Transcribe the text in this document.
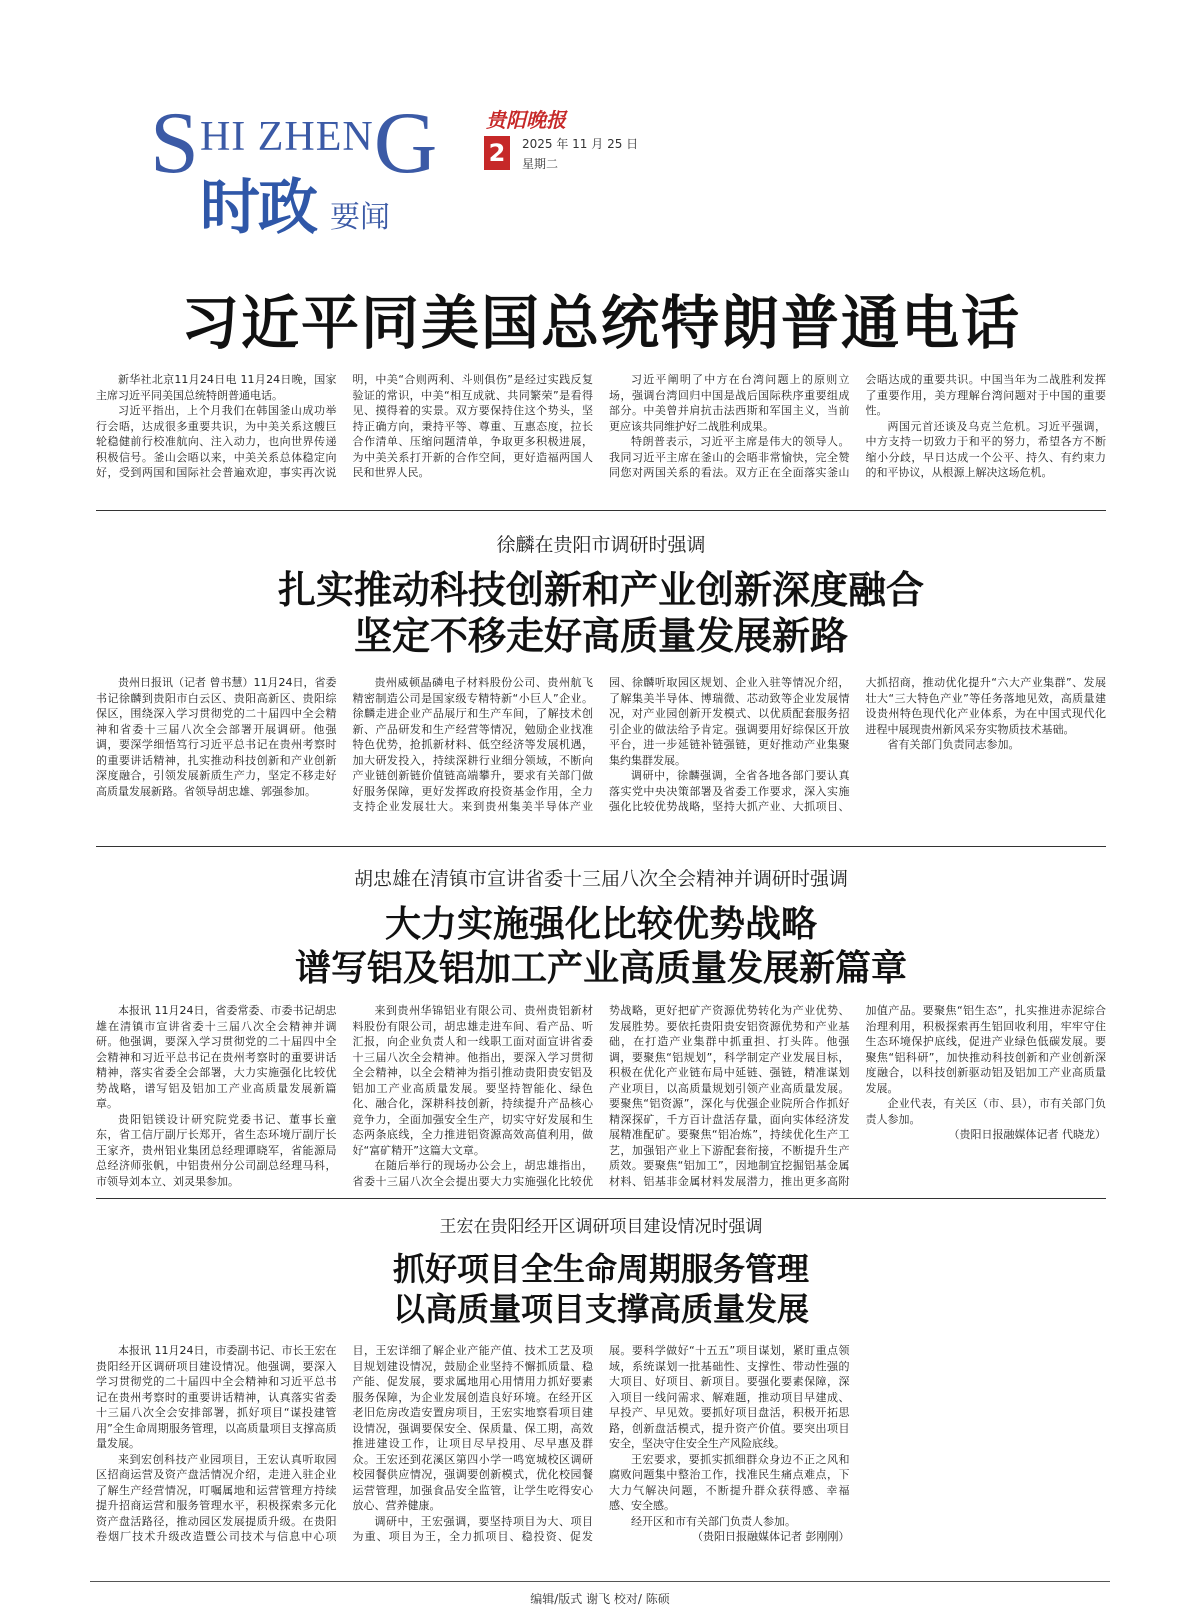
SHI ZHENG
时政 要闻
贵阳晚报
2	2025 年 11 月 25 日
星期二
习近平同美国总统特朗普通电话

新华社北京11月24日电 11月24日晚，国家主席习近平同美国总统特朗普通电话。

习近平指出，上个月我们在韩国釜山成功举行会晤，达成很多重要共识，为中美关系这艘巨轮稳健前行校准航向、注入动力，也向世界传递积极信号。釜山会晤以来，中美关系总体稳定向好，受到两国和国际社会普遍欢迎，事实再次说明，中美“合则两利、斗则俱伤”是经过实践反复验证的常识，中美“相互成就、共同繁荣”是看得见、摸得着的实景。双方要保持住这个势头，坚持正确方向，秉持平等、尊重、互惠态度，拉长合作清单、压缩问题清单，争取更多积极进展，为中美关系打开新的合作空间，更好造福两国人民和世界人民。

习近平阐明了中方在台湾问题上的原则立场，强调台湾回归中国是战后国际秩序重要组成部分。中美曾并肩抗击法西斯和军国主义，当前更应该共同维护好二战胜利成果。

特朗普表示，习近平主席是伟大的领导人。我同习近平主席在釜山的会晤非常愉快，完全赞同您对两国关系的看法。双方正在全面落实釜山会晤达成的重要共识。中国当年为二战胜利发挥了重要作用，美方理解台湾问题对于中国的重要性。

两国元首还谈及乌克兰危机。习近平强调，中方支持一切致力于和平的努力，希望各方不断缩小分歧，早日达成一个公平、持久、有约束力的和平协议，从根源上解决这场危机。

徐麟在贵阳市调研时强调

扎实推动科技创新和产业创新深度融合
坚定不移走好高质量发展新路

贵州日报讯（记者 曾书慧）11月24日，省委书记徐麟到贵阳市白云区、贵阳高新区、贵阳综保区，围绕深入学习贯彻党的二十届四中全会精神和省委十三届八次全会部署开展调研。他强调，要深学细悟笃行习近平总书记在贵州考察时的重要讲话精神，扎实推动科技创新和产业创新深度融合，引领发展新质生产力，坚定不移走好高质量发展新路。省领导胡忠雄、郭强参加。

贵州威顿晶磷电子材料股份公司、贵州航飞精密制造公司是国家级专精特新“小巨人”企业。徐麟走进企业产品展厅和生产车间，了解技术创新、产品研发和生产经营等情况，勉励企业找准特色优势，抢抓新材料、低空经济等发展机遇，加大研发投入，持续深耕行业细分领域，不断向产业链创新链价值链高端攀升，要求有关部门做好服务保障，更好发挥政府投资基金作用，全力支持企业发展壮大。来到贵州集美半导体产业园、徐麟听取园区规划、企业入驻等情况介绍，了解集美半导体、博瑞微、芯动致等企业发展情况，对产业园创新开发模式、以优质配套服务招引企业的做法给予肯定。强调要用好综保区开放平台，进一步延链补链强链，更好推动产业集聚集约集群发展。

调研中，徐麟强调，全省各地各部门要认真落实党中央决策部署及省委工作要求，深入实施强化比较优势战略，坚持大抓产业、大抓项目、大抓招商，推动优化提升“六大产业集群”、发展壮大“三大特色产业”等任务落地见效，高质量建设贵州特色现代化产业体系，为在中国式现代化进程中展现贵州新风采夯实物质技术基础。

省有关部门负责同志参加。

胡忠雄在清镇市宣讲省委十三届八次全会精神并调研时强调

大力实施强化比较优势战略
谱写铝及铝加工产业高质量发展新篇章

本报讯 11月24日，省委常委、市委书记胡忠雄在清镇市宣讲省委十三届八次全会精神并调研。他强调，要深入学习贯彻党的二十届四中全会精神和习近平总书记在贵州考察时的重要讲话精神，落实省委全会部署，大力实施强化比较优势战略，谱写铝及铝加工产业高质量发展新篇章。

贵阳铝镁设计研究院党委书记、董事长童东，省工信厅副厅长郑开，省生态环境厅副厅长王家齐，贵州铝业集团总经理谭晓军，省能源局总经济师张帆，中铝贵州分公司副总经理马科，市领导刘本立、刘灵果参加。

来到贵州华锦铝业有限公司、贵州贵铝新材料股份有限公司，胡忠雄走进车间、看产品、听汇报，向企业负责人和一线职工面对面宣讲省委十三届八次全会精神。他指出，要深入学习贯彻全会精神，以全会精神为指引推动贵阳贵安铝及铝加工产业高质量发展。要坚持智能化、绿色化、融合化，深耕科技创新，持续提升产品核心竞争力，全面加强安全生产，切实守好发展和生态两条底线，全力推进铝资源高效高值利用，做好“富矿精开”这篇大文章。

在随后举行的现场办公会上，胡忠雄指出，省委十三届八次全会提出要大力实施强化比较优势战略，更好把矿产资源优势转化为产业优势、发展胜势。要依托贵阳贵安铝资源优势和产业基础，在打造产业集群中抓重担、打头阵。他强调，要聚焦“铝规划”，科学制定产业发展目标，积极在优化产业链布局中延链、强链，精准谋划产业项目，以高质量规划引领产业高质量发展。要聚焦“铝资源”，深化与优强企业院所合作抓好精深探矿，千方百计盘活存量，面向实体经济发展精准配矿。要聚焦“铝冶炼”，持续优化生产工艺，加强铝产业上下游配套衔接，不断提升生产质效。要聚焦“铝加工”，因地制宜挖掘铝基金属材料、铝基非金属材料发展潜力，推出更多高附加值产品。要聚焦“铝生态”，扎实推进赤泥综合治理利用，积极探索再生铝回收利用，牢牢守住生态环境保护底线，促进产业绿色低碳发展。要聚焦“铝科研”，加快推动科技创新和产业创新深度融合，以科技创新驱动铝及铝加工产业高质量发展。

企业代表，有关区（市、县），市有关部门负责人参加。

（贵阳日报融媒体记者 代晓龙）

王宏在贵阳经开区调研项目建设情况时强调

抓好项目全生命周期服务管理
以高质量项目支撑高质量发展

本报讯 11月24日，市委副书记、市长王宏在贵阳经开区调研项目建设情况。他强调，要深入学习贯彻党的二十届四中全会精神和习近平总书记在贵州考察时的重要讲话精神，认真落实省委十三届八次全会安排部署，抓好项目“谋投建管用”全生命周期服务管理，以高质量项目支撑高质量发展。

来到宏创科技产业园项目，王宏认真听取园区招商运营及资产盘活情况介绍，走进入驻企业了解生产经营情况，叮嘱属地和运营管理方持续提升招商运营和服务管理水平，积极探索多元化资产盘活路径，推动园区发展提质升级。在贵阳卷烟厂技术升级改造暨公司技术与信息中心项目，王宏详细了解企业产能产值、技术工艺及项目规划建设情况，鼓励企业坚持不懈抓质量、稳产能、促发展，要求属地用心用情用力抓好要素服务保障，为企业发展创造良好环境。在经开区老旧危房改造安置房项目，王宏实地察看项目建设情况，强调要保安全、保质量、保工期，高效推进建设工作，让项目尽早投用、尽早惠及群众。王宏还到花溪区第四小学一鸣宽城校区调研校园餐供应情况，强调要创新模式，优化校园餐运营管理，加强食品安全监管，让学生吃得安心放心、营养健康。

调研中，王宏强调，要坚持项目为大、项目为重、项目为王，全力抓项目、稳投资、促发展。要科学做好“十五五”项目谋划，紧盯重点领域，系统谋划一批基础性、支撑性、带动性强的大项目、好项目、新项目。要强化要素保障，深入项目一线问需求、解难题，推动项目早建成、早投产、早见效。要抓好项目盘活，积极开拓思路，创新盘活模式，提升资产价值。要突出项目安全，坚决守住安全生产风险底线。

王宏要求，要抓实抓细群众身边不正之风和腐败问题集中整治工作，找准民生痛点难点，下大力气解决问题，不断提升群众获得感、幸福感、安全感。

经开区和市有关部门负责人参加。

（贵阳日报融媒体记者 彭刚刚）

编辑/版式 谢飞 校对/ 陈硕
